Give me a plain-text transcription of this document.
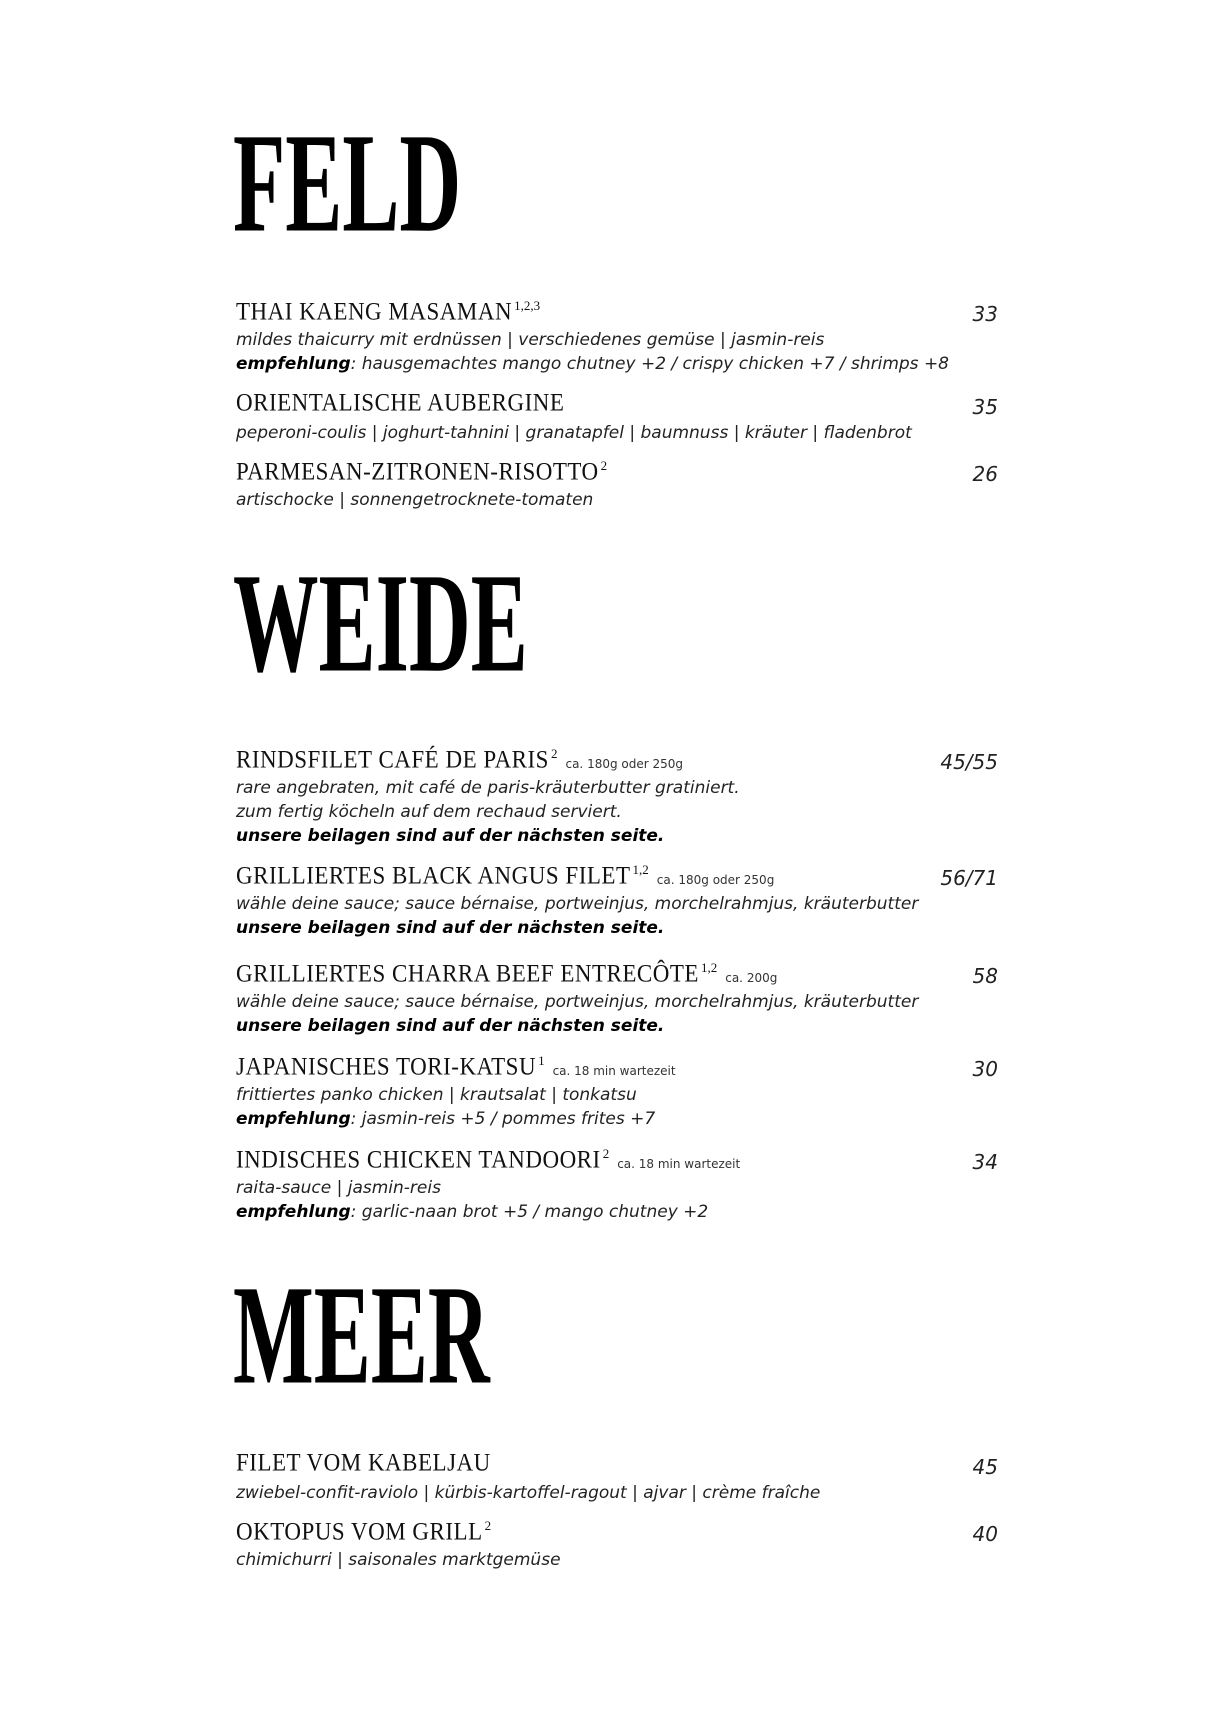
FELD
THAI KAENG MASAMAN $^{1,2,3}$	33
mildes thaicurry mit erdnüssen | verschiedenes gemüse | jasmin-reis
empfehlung: hausgemachtes mango chutney +2 / crispy chicken +7 / shrimps +8
ORIENTALISCHE AUBERGINE	35
peperoni-coulis | joghurt-tahnini | granatapfel | baumnuss | kräuter | fladenbrot
PARMESAN-ZITRONEN-RISOTTO $^2$	26
artischocke | sonnengetrocknete-tomaten
WEIDE
RINDSFILET CAFÉ DE PARIS $^2$ca. 180g oder 250g	45/55
rare angebraten, mit café de paris-kräuterbutter gratiniert.
zum fertig köcheln auf dem rechaud serviert.
unsere beilagen sind auf der nächsten seite.
GRILLIERTES BLACK ANGUS FILET $^{1,2}$ca. 180g oder 250g	56/71
wähle deine sauce; sauce bérnaise, portweinjus, morchelrahmjus, kräuterbutter
unsere beilagen sind auf der nächsten seite.
GRILLIERTES CHARRA BEEF ENTRECÔTE $^{1,2}$ca. 200g	58
wähle deine sauce; sauce bérnaise, portweinjus, morchelrahmjus, kräuterbutter
unsere beilagen sind auf der nächsten seite.
JAPANISCHES TORI-KATSU $^1$ca. 18 min wartezeit	30
frittiertes panko chicken | krautsalat | tonkatsu
empfehlung: jasmin-reis +5 / pommes frites +7
INDISCHES CHICKEN TANDOORI $^2$ca. 18 min wartezeit	34
raita-sauce | jasmin-reis
empfehlung: garlic-naan brot +5 / mango chutney +2
MEER
FILET VOM KABELJAU	45
zwiebel-confit-raviolo | kürbis-kartoffel-ragout | ajvar | crème fraîche
OKTOPUS VOM GRILL $^2$	40
chimichurri | saisonales marktgemüse
